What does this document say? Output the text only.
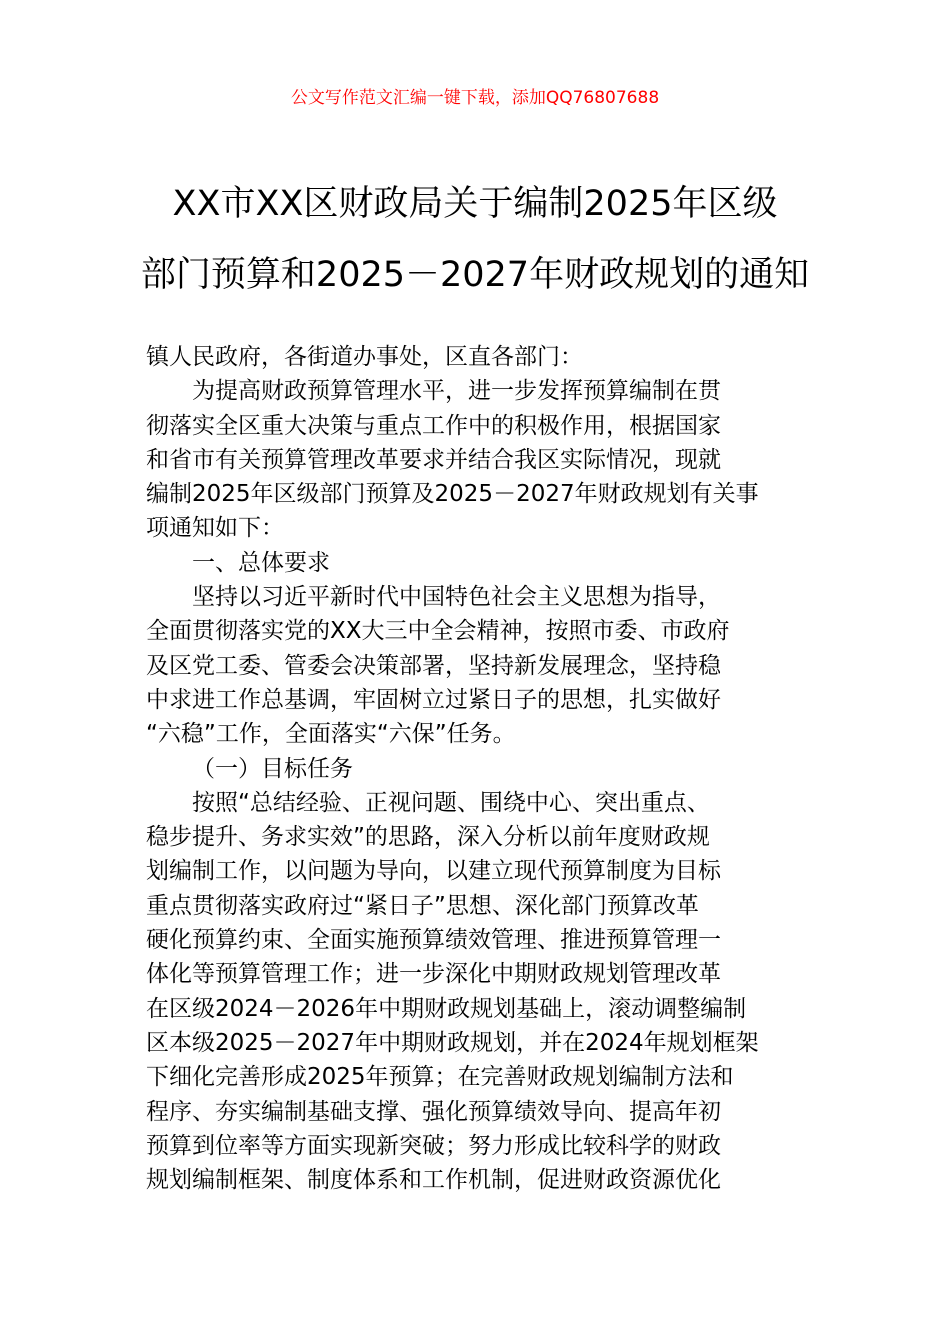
公文写作范文汇编一键下载，添加QQ76807688
XX市XX区财政局关于编制2025年区级
部门预算和2025－2027年财政规划的通知
镇人民政府，各街道办事处，区直各部门：
为提高财政预算管理水平，进一步发挥预算编制在贯
彻落实全区重大决策与重点工作中的积极作用，根据国家
和省市有关预算管理改革要求并结合我区实际情况，现就
编制2025年区级部门预算及2025－2027年财政规划有关事
项通知如下：
一、总体要求
坚持以习近平新时代中国特色社会主义思想为指导，
全面贯彻落实党的XX大三中全会精神，按照市委、市政府
及区党工委、管委会决策部署，坚持新发展理念，坚持稳
中求进工作总基调，牢固树立过紧日子的思想，扎实做好
“六稳”工作，全面落实“六保”任务。
（一）目标任务
按照“总结经验、正视问题、围绕中心、突出重点、
稳步提升、务求实效”的思路，深入分析以前年度财政规
划编制工作，以问题为导向，以建立现代预算制度为目标
重点贯彻落实政府过“紧日子”思想、深化部门预算改革
硬化预算约束、全面实施预算绩效管理、推进预算管理一
体化等预算管理工作；进一步深化中期财政规划管理改革
在区级2024－2026年中期财政规划基础上，滚动调整编制
区本级2025－2027年中期财政规划，并在2024年规划框架
下细化完善形成2025年预算；在完善财政规划编制方法和
程序、夯实编制基础支撑、强化预算绩效导向、提高年初
预算到位率等方面实现新突破；努力形成比较科学的财政
规划编制框架、制度体系和工作机制，促进财政资源优化
